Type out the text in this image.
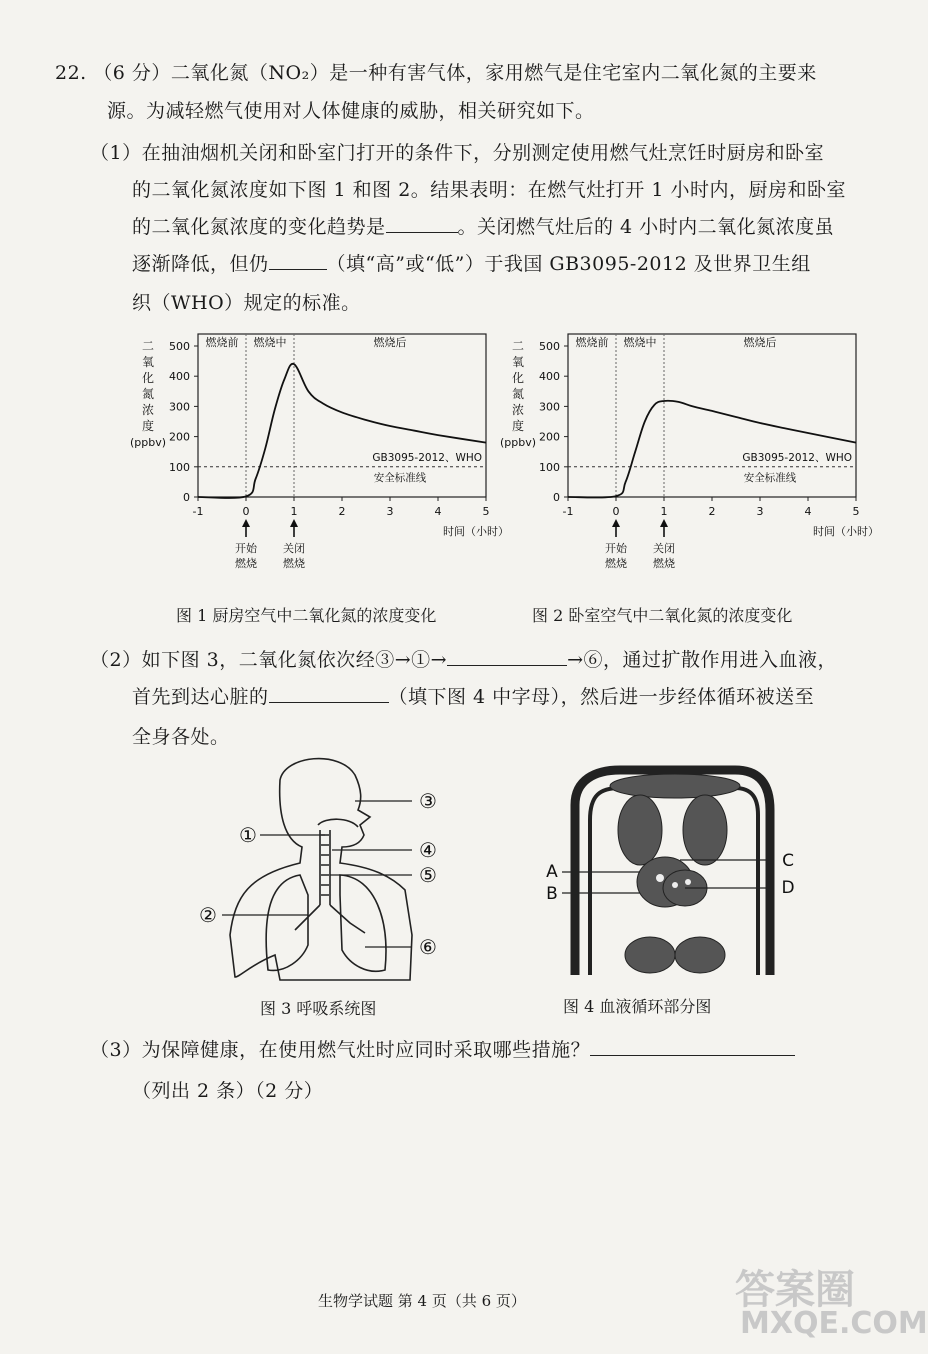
22. （6 分）二氧化氮（NO₂）是一种有害气体，家用燃气是住宅室内二氧化氮的主要来
源。为减轻燃气使用对人体健康的威胁，相关研究如下。
（1）在抽油烟机关闭和卧室门打开的条件下，分别测定使用燃气灶烹饪时厨房和卧室
的二氧化氮浓度如下图 1 和图 2。结果表明：在燃气灶打开 1 小时内，厨房和卧室
的二氧化氮浓度的变化趋势是	。关闭燃气灶后的 4 小时内二氧化氮浓度虽
逐渐降低，但仍	（填“高”或“低”）于我国 GB3095-2012 及世界卫生组
织（WHO）规定的标准。
燃烧前 燃烧中	燃烧后
GB3095-2012、WHO
安全标准线
0
100
200
300
400
500
-1	0	1	2	3	4	5
二
氧
化
氮
浓
度
(ppbv)
时间（小时）
开始
燃烧
关闭
燃烧
燃烧前 燃烧中	燃烧后
GB3095-2012、WHO
安全标准线
0
100
200
300
400
500
-1	0	1	2	3	4	5
二
氧
化
氮
浓
度
(ppbv)
时间（小时）
开始
燃烧
关闭
燃烧
图 1 厨房空气中二氧化氮的浓度变化	图 2 卧室空气中二氧化氮的浓度变化
（2）如下图 3，二氧化氮依次经③→①→	→⑥，通过扩散作用进入血液，
首先到达心脏的	（填下图 4 中字母），然后进一步经体循环被送至
全身各处。
③
①
④
⑤
②
⑥
图 3 呼吸系统图
A
B
C
D
图 4 血液循环部分图
（3）为保障健康，在使用燃气灶时应同时采取哪些措施？
（列出 2 条）（2 分）
生物学试题 第 4 页（共 6 页）	答案圈
MXQE.COM
